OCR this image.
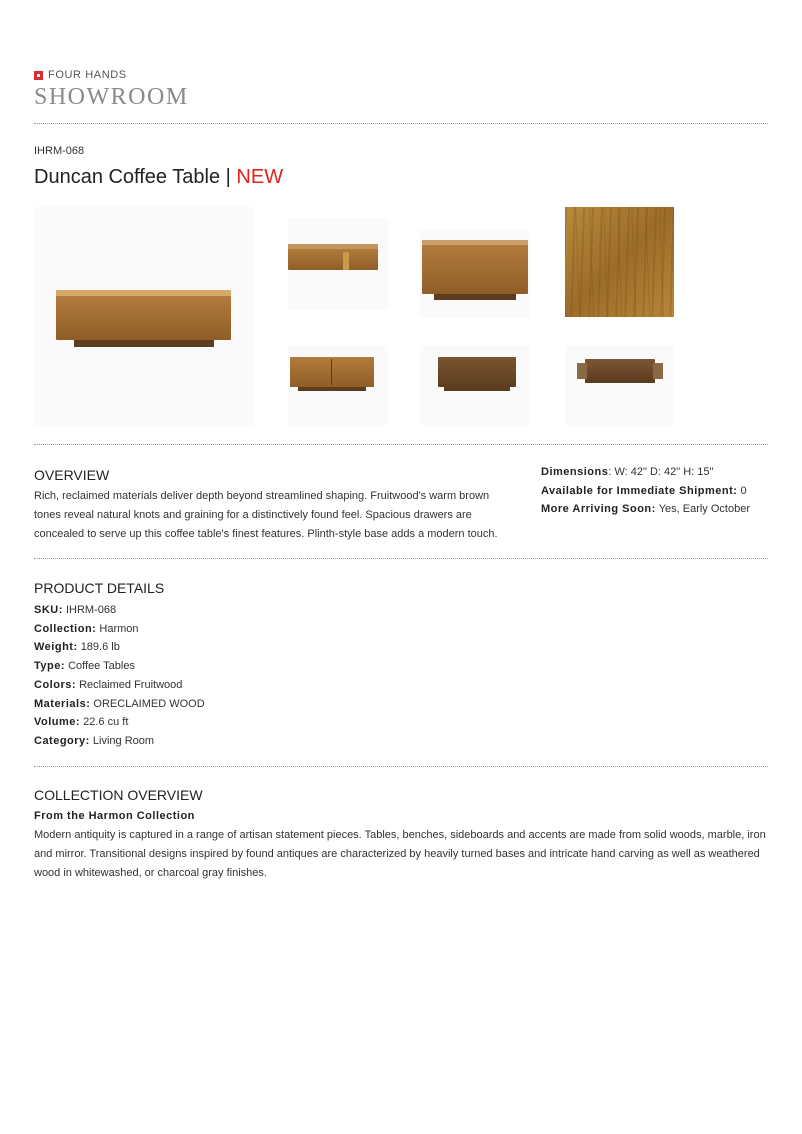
FOUR HANDS
SHOWROOM
IHRM-068
Duncan Coffee Table | NEW
OVERVIEW

Rich, reclaimed materials deliver depth beyond streamlined shaping. Fruitwood's warm brown tones reveal natural knots and graining for a distinctively found feel. Spacious drawers are concealed to serve up this coffee table's finest features. Plinth-style base adds a modern touch.

Dimensions: W: 42" D: 42" H: 15"
Available for Immediate Shipment: 0
More Arriving Soon: Yes, Early October
PRODUCT DETAILS
SKU: IHRM-068
Collection: Harmon
Weight: 189.6 lb
Type: Coffee Tables
Colors: Reclaimed Fruitwood
Materials: ORECLAIMED WOOD
Volume: 22.6 cu ft
Category: Living Room
COLLECTION OVERVIEW
From the Harmon Collection

Modern antiquity is captured in a range of artisan statement pieces. Tables, benches, sideboards and accents are made from solid woods, marble, iron and mirror. Transitional designs inspired by found antiques are characterized by heavily turned bases and intricate hand carving as well as weathered wood in whitewashed, or charcoal gray finishes.
